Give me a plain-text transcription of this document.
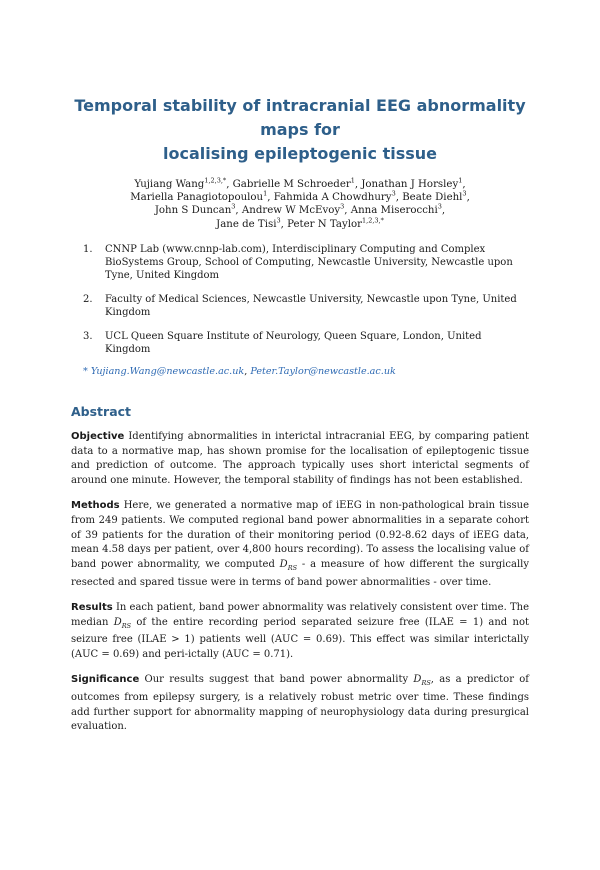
Temporal stability of intracranial EEG abnormality maps for
localising epileptogenic tissue
Yujiang Wang$^{1,2,3,*}$, Gabrielle M Schroeder$^1$, Jonathan J Horsley$^1$,
Mariella Panagiotopoulou$^1$, Fahmida A Chowdhury$^3$, Beate Diehl$^3$,
John S Duncan$^3$, Andrew W McEvoy$^3$, Anna Miserocchi$^3$,
Jane de Tisi$^3$, Peter N Taylor$^{1,2,3,*}$
1.	CNNP Lab (www.cnnp-lab.com), Interdisciplinary Computing and Complex BioSystems Group, School of Computing, Newcastle University, Newcastle upon Tyne, United Kingdom
2.	Faculty of Medical Sciences, Newcastle University, Newcastle upon Tyne, United Kingdom
3.	UCL Queen Square Institute of Neurology, Queen Square, London, United Kingdom
* Yujiang.Wang@newcastle.ac.uk, Peter.Taylor@newcastle.ac.uk
Abstract
Objective Identifying abnormalities in interictal intracranial EEG, by comparing patient data to a normative map, has shown promise for the localisation of epileptogenic tissue and prediction of outcome. The approach typically uses short interictal segments of around one minute. However, the temporal stability of findings has not been established.
Methods Here, we generated a normative map of iEEG in non-pathological brain tissue from 249 patients. We computed regional band power abnormalities in a separate cohort of 39 patients for the duration of their monitoring period (0.92-8.62 days of iEEG data, mean 4.58 days per patient, over 4,800 hours recording). To assess the localising value of band power abnormality, we computed $D_{RS}$ - a measure of how different the surgically resected and spared tissue were in terms of band power abnormalities - over time.
Results In each patient, band power abnormality was relatively consistent over time. The median $D_{RS}$ of the entire recording period separated seizure free (ILAE = 1) and not seizure free (ILAE > 1) patients well (AUC = 0.69). This effect was similar interictally (AUC = 0.69) and peri-ictally (AUC = 0.71).
Significance Our results suggest that band power abnormality $D_{RS}$, as a predictor of outcomes from epilepsy surgery, is a relatively robust metric over time. These findings add further support for abnormality mapping of neurophysiology data during presurgical evaluation.
